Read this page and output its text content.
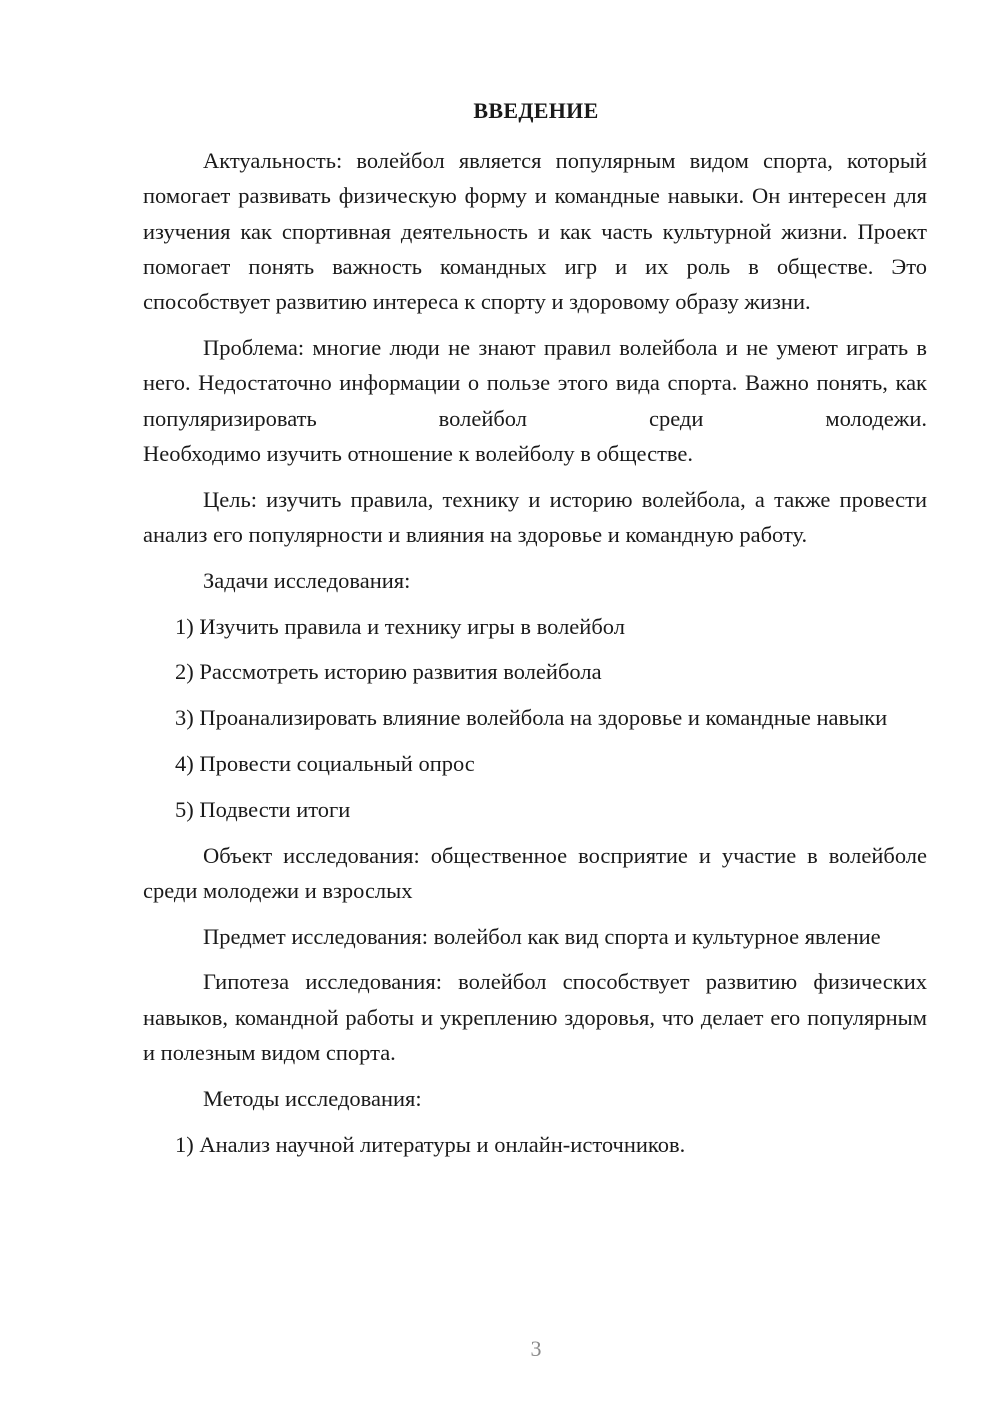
ВВЕДЕНИЕ

Актуальность: волейбол является популярным видом спорта, который помогает развивать физическую форму и командные навыки. Он интересен для изучения как спортивная деятельность и как часть культурной жизни. Проект помогает понять важность командных игр и их роль в обществе. Это способствует развитию интереса к спорту и здоровому образу жизни.

Проблема: многие люди не знают правил волейбола и не умеют играть в него. Недостаточно информации о пользе этого вида спорта. Важно понять, как популяризировать волейбол среди молодежи.
Необходимо изучить отношение к волейболу в обществе.

Цель: изучить правила, технику и историю волейбола, а также провести анализ его популярности и влияния на здоровье и командную работу.

Задачи исследования:

1) Изучить правила и технику игры в волейбол

2) Рассмотреть историю развития волейбола

3) Проанализировать влияние волейбола на здоровье и командные навыки

4) Провести социальный опрос

5) Подвести итоги

Объект исследования: общественное восприятие и участие в волейболе среди молодежи и взрослых

Предмет исследования: волейбол как вид спорта и культурное явление

Гипотеза исследования: волейбол способствует развитию физических навыков, командной работы и укреплению здоровья, что делает его популярным и полезным видом спорта.

Методы исследования:

1) Анализ научной литературы и онлайн-источников.

3
